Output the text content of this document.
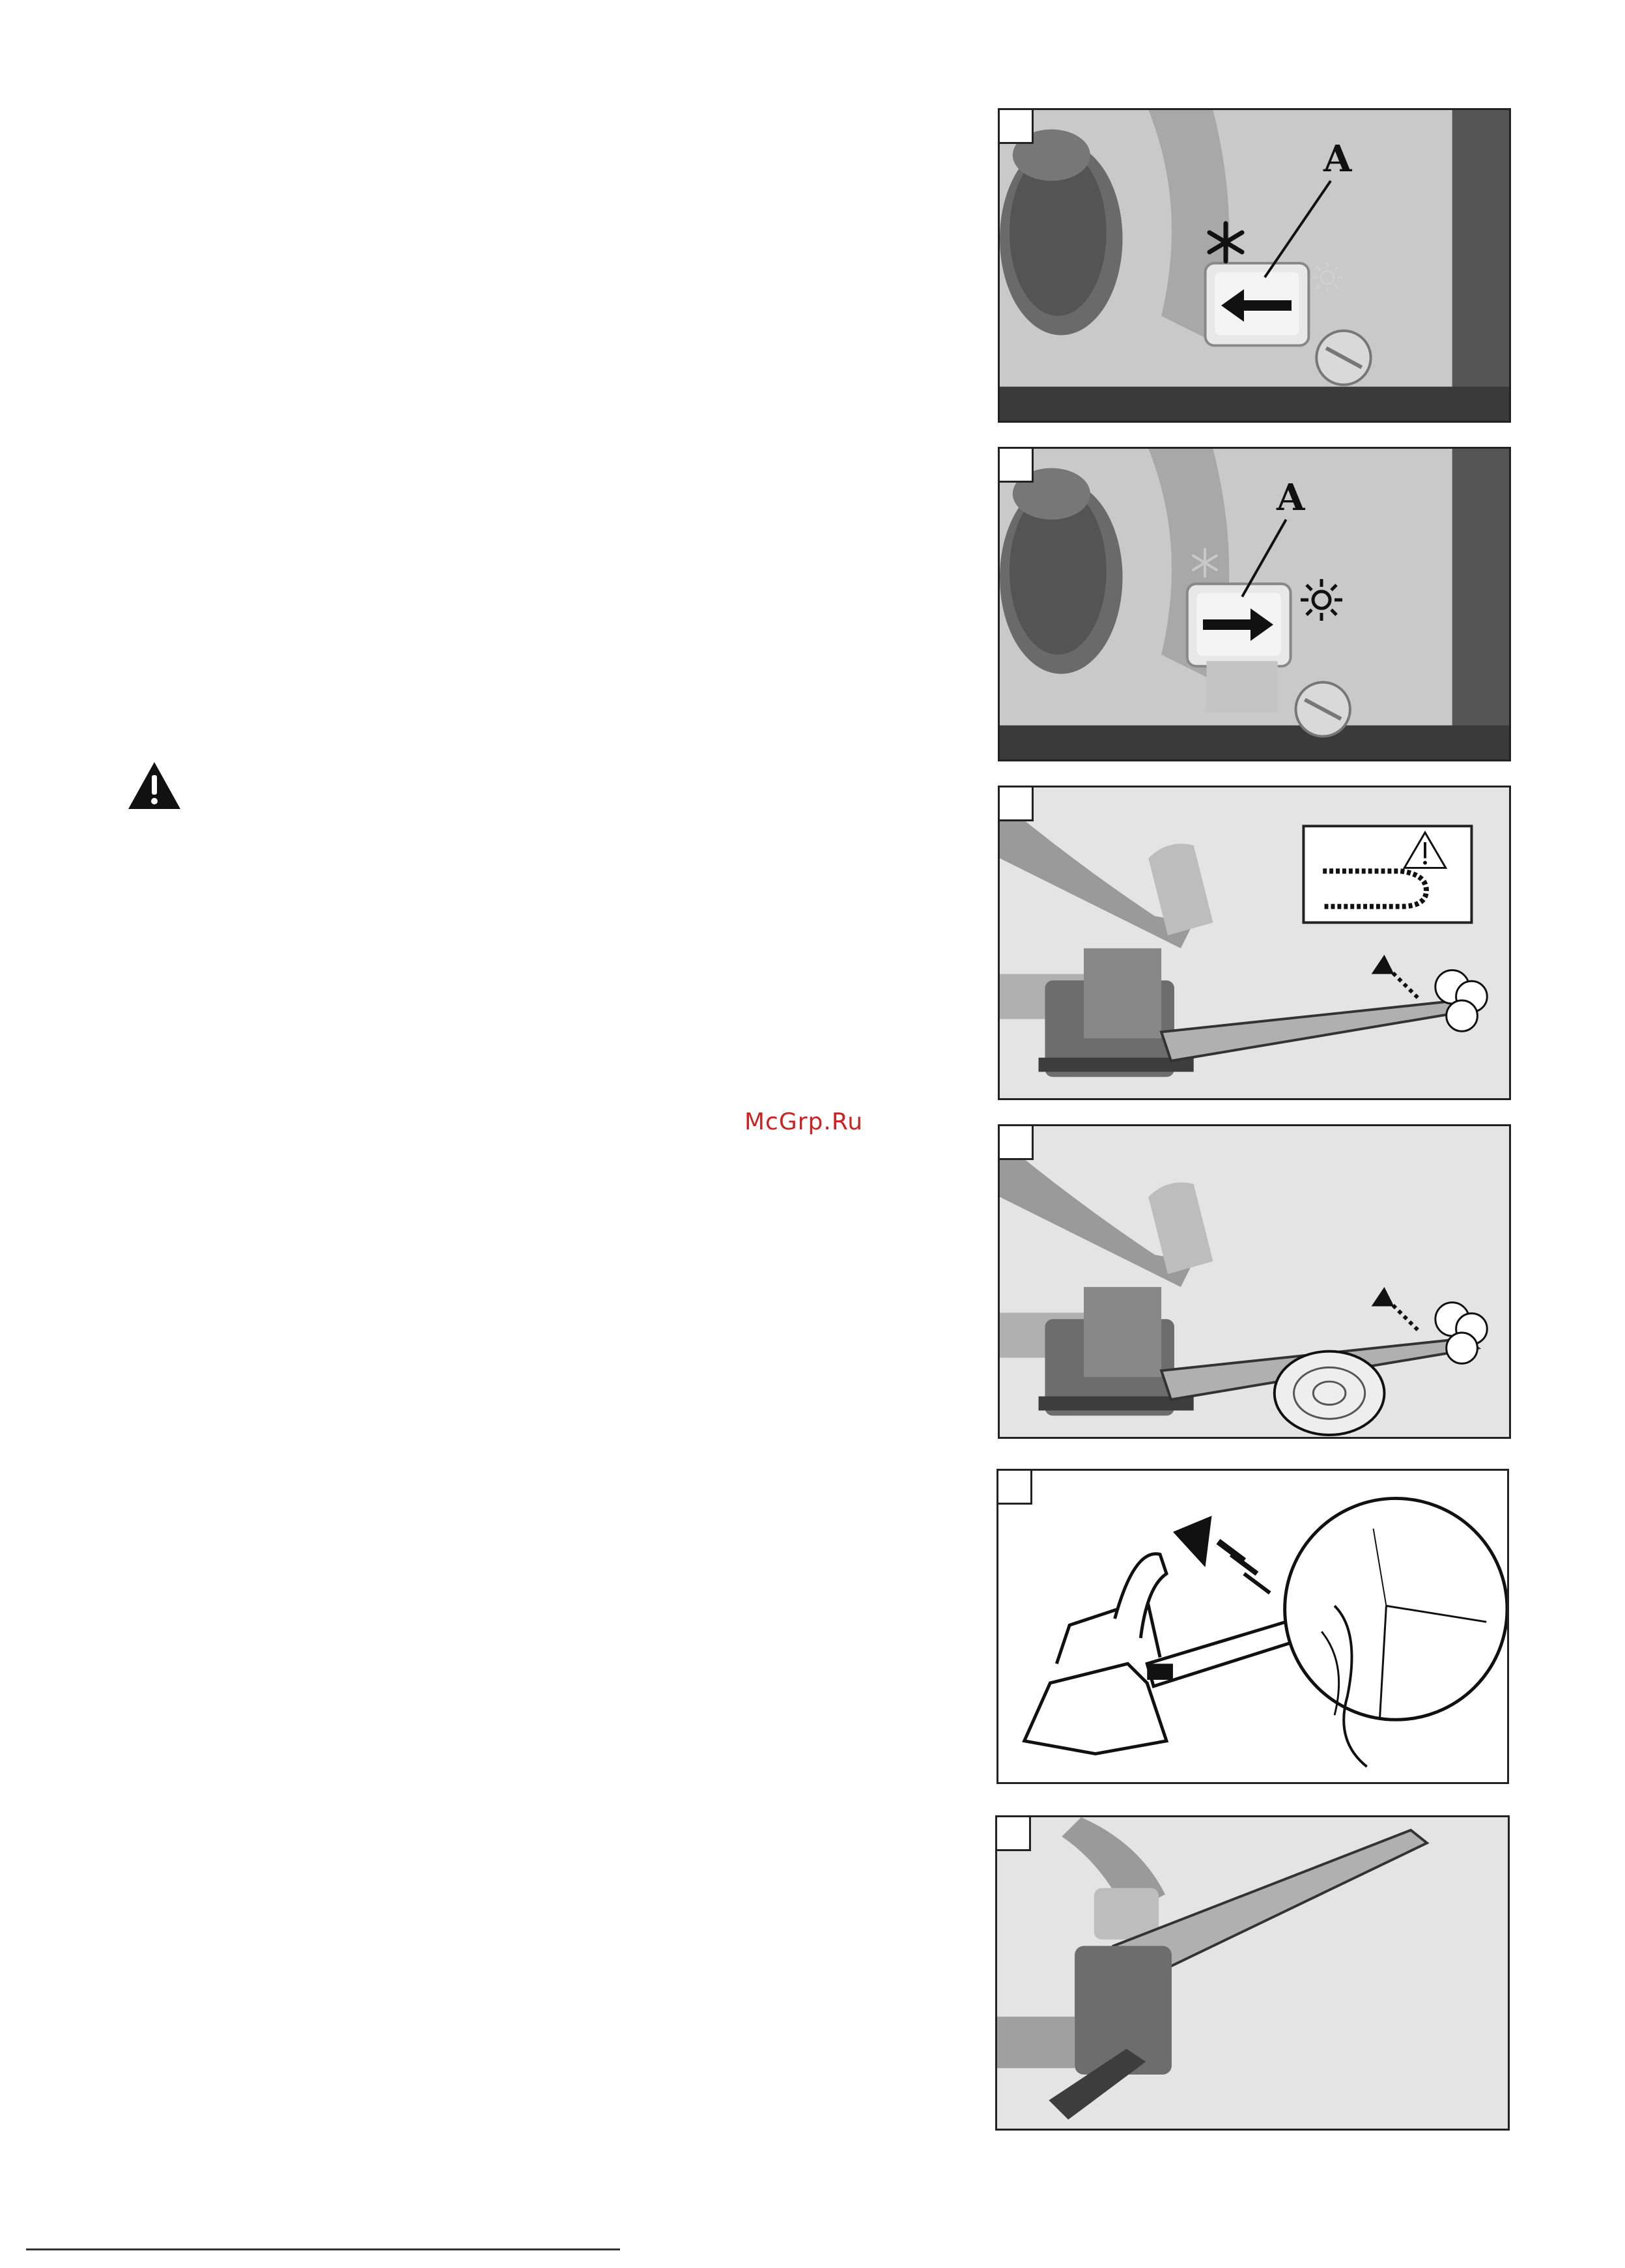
McGrp.Ru
A
A
